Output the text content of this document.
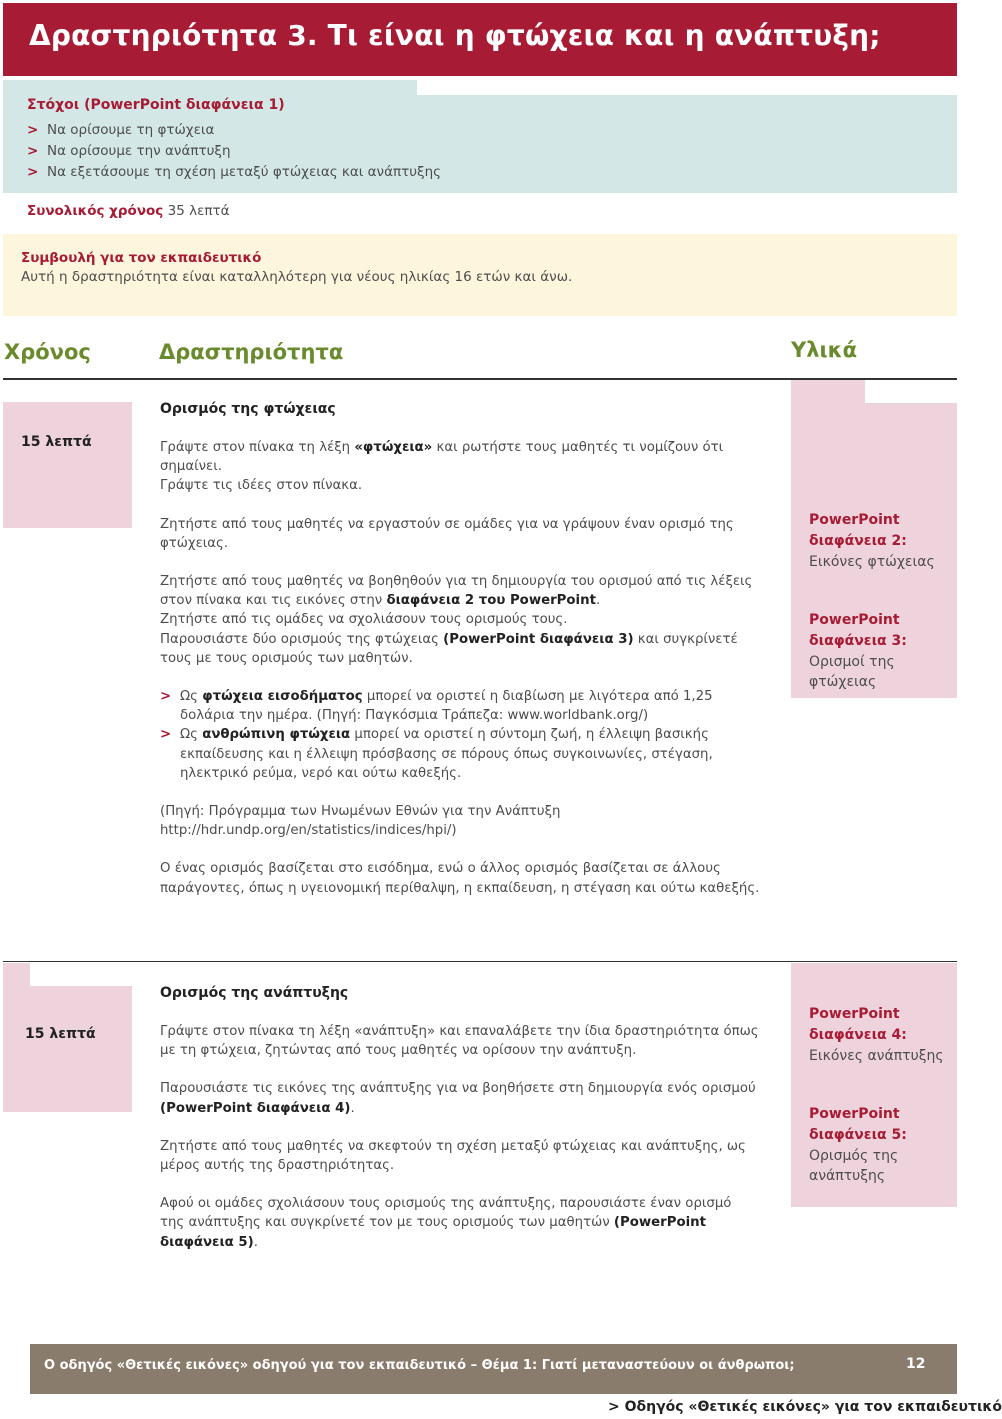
Δραστηριότητα 3. Τι είναι η φτώχεια και η ανάπτυξη;
Στόχοι (PowerPoint διαφάνεια 1)
> Να ορίσουμε τη φτώχεια
> Να ορίσουμε την ανάπτυξη
> Να εξετάσουμε τη σχέση μεταξύ φτώχειας και ανάπτυξης
Συνολικός χρόνος 35 λεπτά
Συμβουλή για τον εκπαιδευτικό
Αυτή η δραστηριότητα είναι καταλληλότερη για νέους ηλικίας 16 ετών και άνω.
Χρόνος	Δραστηριότητα	Υλικά
15 λεπτά
Ορισμός της φτώχειας

Γράψτε στον πίνακα τη λέξη «φτώχεια» και ρωτήστε τους μαθητές τι νομίζουν ότι σημαίνει.
Γράψτε τις ιδέες στον πίνακα.

Ζητήστε από τους μαθητές να εργαστούν σε ομάδες για να γράψουν έναν ορισμό της φτώχειας.

Ζητήστε από τους μαθητές να βοηθηθούν για τη δημιουργία του ορισμού από τις λέξεις στον πίνακα και τις εικόνες στην διαφάνεια 2 του PowerPoint.
Ζητήστε από τις ομάδες να σχολιάσουν τους ορισμούς τους.
Παρουσιάστε δύο ορισμούς της φτώχειας (PowerPoint διαφάνεια 3) και συγκρίνετέ τους με τους ορισμούς των μαθητών.

> Ως φτώχεια εισοδήματος μπορεί να οριστεί η διαβίωση με λιγότερα από 1,25 δολάρια την ημέρα. (Πηγή: Παγκόσμια Τράπεζα: www.worldbank.org/)

> Ως ανθρώπινη φτώχεια μπορεί να οριστεί η σύντομη ζωή, η έλλειψη βασικής εκπαίδευσης και η έλλειψη πρόσβασης σε πόρους όπως συγκοινωνίες, στέγαση, ηλεκτρικό ρεύμα, νερό και ούτω καθεξής.

(Πηγή: Πρόγραμμα των Ηνωμένων Εθνών για την Ανάπτυξη
http://hdr.undp.org/en/statistics/indices/hpi/)

Ο ένας ορισμός βασίζεται στο εισόδημα, ενώ ο άλλος ορισμός βασίζεται σε άλλους παράγοντες, όπως η υγειονομική περίθαλψη, η εκπαίδευση, η στέγαση και ούτω καθεξής.

PowerPoint διαφάνεια 2:
Εικόνες φτώχειας
PowerPoint διαφάνεια 3:
Ορισμοί της φτώχειας
15 λεπτά
Ορισμός της ανάπτυξης

Γράψτε στον πίνακα τη λέξη «ανάπτυξη» και επαναλάβετε την ίδια δραστηριότητα όπως με τη φτώχεια, ζητώντας από τους μαθητές να ορίσουν την ανάπτυξη.

Παρουσιάστε τις εικόνες της ανάπτυξης για να βοηθήσετε στη δημιουργία ενός ορισμού
(PowerPoint διαφάνεια 4).

Ζητήστε από τους μαθητές να σκεφτούν τη σχέση μεταξύ φτώχειας και ανάπτυξης, ως μέρος αυτής της δραστηριότητας.

Αφού οι ομάδες σχολιάσουν τους ορισμούς της ανάπτυξης, παρουσιάστε έναν ορισμό της ανάπτυξης και συγκρίνετέ τον με τους ορισμούς των μαθητών (PowerPoint διαφάνεια 5).

PowerPoint διαφάνεια 4:
Εικόνες ανάπτυξης
PowerPoint διαφάνεια 5:
Ορισμός της ανάπτυξης
Ο οδηγός «Θετικές εικόνες» οδηγού για τον εκπαιδευτικό – Θέμα 1: Γιατί μεταναστεύουν οι άνθρωποι;	12
> Οδηγός «Θετικές εικόνες» για τον εκπαιδευτικό
